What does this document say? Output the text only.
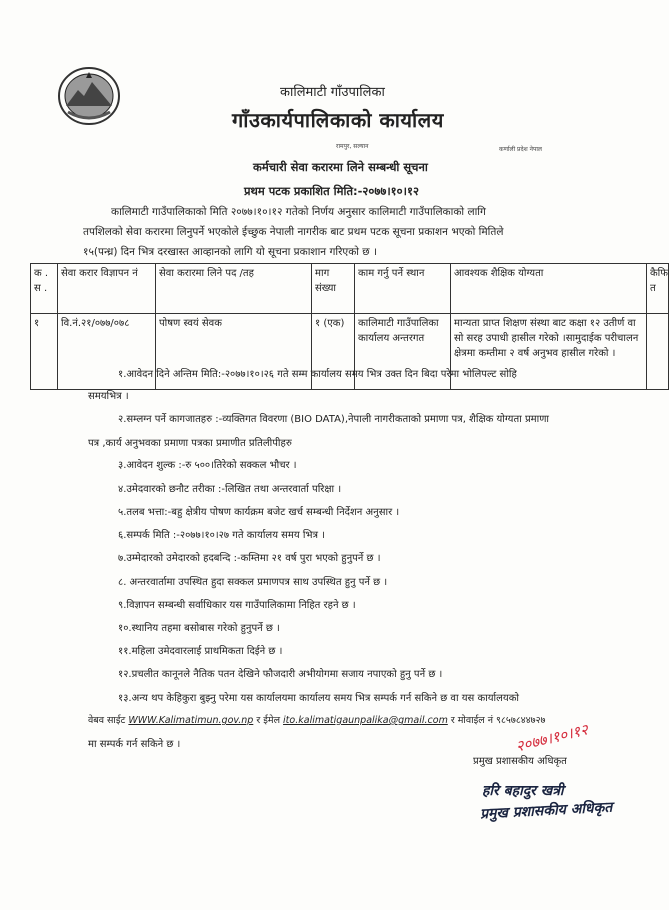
कालिमाटी गाँउपालिका
गाँउकार्यपालिकाको कार्यालय
रामपुर, सल्यान	कर्णाली प्रदेश नेपाल
कर्मचारी सेवा करारमा लिने सम्बन्धी सूचना
प्रथम पटक प्रकाशित मिति:-२०७७।१०।१२
कालिमाटी गाउँपालिकाको मिति २०७७।१०।१२ गतेको निर्णय अनुसार कालिमाटी गाउँपालिकाको लागि
तपशिलको सेवा करारमा लिनुपर्ने भएकोले ईच्छुक नेपाली नागरीक बाट प्रथम पटक सूचना प्रकाशन भएको मितिले
१५(पन्ध्र) दिन भित्र दरखास्त आव्हानको लागि यो सूचना प्रकाशान गरिएको छ ।
क .स .	सेवा करार विज्ञापन नं	सेवा करारमा लिने पद /तह	माग संख्या	काम गर्नु पर्ने स्थान	आवश्यक शैक्षिक योग्यता	कैफि त
१	वि.नं.२१/०७७/०७८	पोषण स्वयं सेवक	१ (एक)	कालिमाटी गाउँपालिका कार्यालय अन्तरगत	मान्यता प्राप्त शिक्षण संस्था बाट कक्षा १२ उतीर्ण वा सो सरह उपाधी हासील गरेको ।सामुदाईक परीचालन क्षेत्रमा कम्तीमा २ वर्ष अनुभव हासील गरेको ।	
१.आवेदन दिने अन्तिम मिति:-२०७७।१०।२६ गते सम्म कार्यालय समय भित्र उक्त दिन बिदा परेमा भोलिपल्ट सोहि
समयभित्र ।
२.सम्लग्न पर्ने कागजातहरु :-व्यक्तिगत विवरणा (BIO DATA),नेपाली नागरीकताको प्रमाणा पत्र, शैक्षिक योग्यता प्रमाणा
पत्र ,कार्य अनुभवका प्रमाणा पत्रका प्रमाणीत प्रतिलीपीहरु
३.आवेदन शुल्क :-रु ५००।तिरेको सक्कल भौचर ।
४.उमेदवारको छनौट तरीका :-लिखित तथा अन्तरवार्ता परिक्षा ।
५.तलब भत्ता:-बहु क्षेत्रीय पोषण कार्यक्रम बजेट खर्च सम्बन्धी निर्देशन अनुसार ।
६.सम्पर्क मिति :-२०७७।१०।२७ गते कार्यालय समय भित्र ।
७.उम्मेदारको उमेदारको हदबन्दि :-कम्तिमा २१ वर्ष पुरा भएको हुनुपर्ने छ ।
८. अन्तरवार्तामा उपस्थित हुदा सक्कल प्रमाणपत्र साथ उपस्थित हुनु पर्ने छ ।
९.विज्ञापन सम्बन्धी सर्वाधिकार यस गाउँपालिकामा निहित रहने छ ।
१०.स्थानिय तहमा बसोबास गरेको हुनुपर्ने छ ।
११.महिला उमेदवारलाई प्राथमिकता दिईने छ ।
१२.प्रचलीत कानूनले नैतिक पतन देखिने फौजदारी अभीयोगमा सजाय नपाएको हुनु पर्ने छ ।
१३.अन्य थप केहिकुरा बुझ्नु परेमा यस कार्यालयमा कार्यालय समय भित्र सम्पर्क गर्न सकिने छ वा यस कार्यालयको
वेबव साईट WWW.Kalimatimun.gov.np र ईमेल ito.kalimatigaunpalika@gmail.com र मोवाईल नं ९८५७८४४७२७
मा सम्पर्क गर्न सकिने छ ।	२०७७।१०।१२
प्रमुख प्रशासकीय अधिकृत
हरि बहादुर खत्री
प्रमुख प्रशासकीय अधिकृत
